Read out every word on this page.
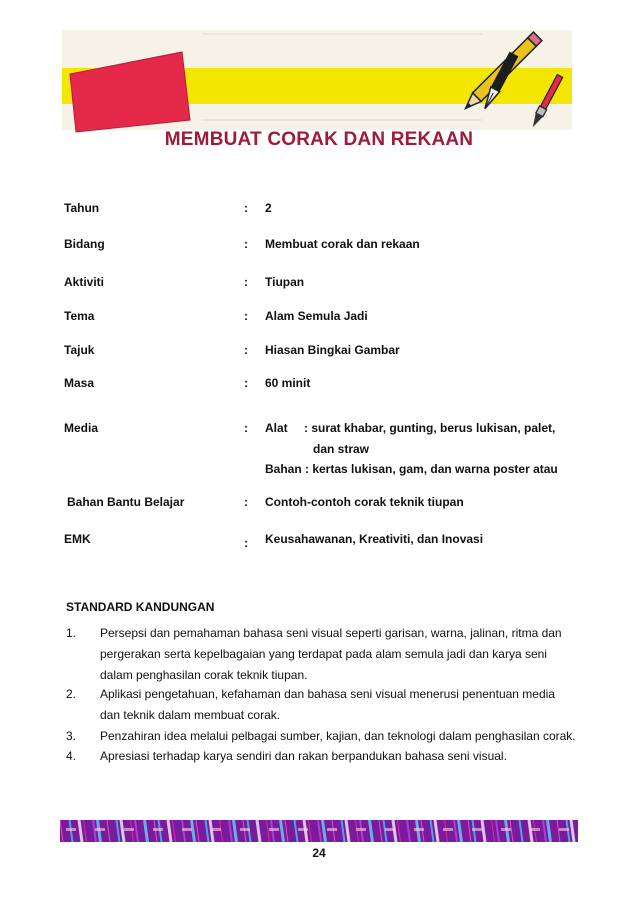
MEMBUAT CORAK DAN REKAAN
Tahun	: 2
Bidang	: Membuat corak dan rekaan
Aktiviti	: Tiupan
Tema	: Alam Semula Jadi
Tajuk	: Hiasan Bingkai Gambar
Masa	: 60 minit
Media	: Alat : surat khabar, gunting, berus lukisan, palet,
dan straw
Bahan : kertas lukisan, gam, dan warna poster atau
Bahan Bantu Belajar	: Contoh-contoh corak teknik tiupan
EMK	: Keusahawanan, Kreativiti, dan Inovasi
STANDARD KANDUNGAN
1. Persepsi dan pemahaman bahasa seni visual seperti garisan, warna, jalinan, ritma dan
pergerakan serta kepelbagaian yang terdapat pada alam semula jadi dan karya seni
dalam penghasilan corak teknik tiupan.
2. Aplikasi pengetahuan, kefahaman dan bahasa seni visual menerusi penentuan media
dan teknik dalam membuat corak.
3. Penzahiran idea melalui pelbagai sumber, kajian, dan teknologi dalam penghasilan corak.
4. Apresiasi terhadap karya sendiri dan rakan berpandukan bahasa seni visual.
24
